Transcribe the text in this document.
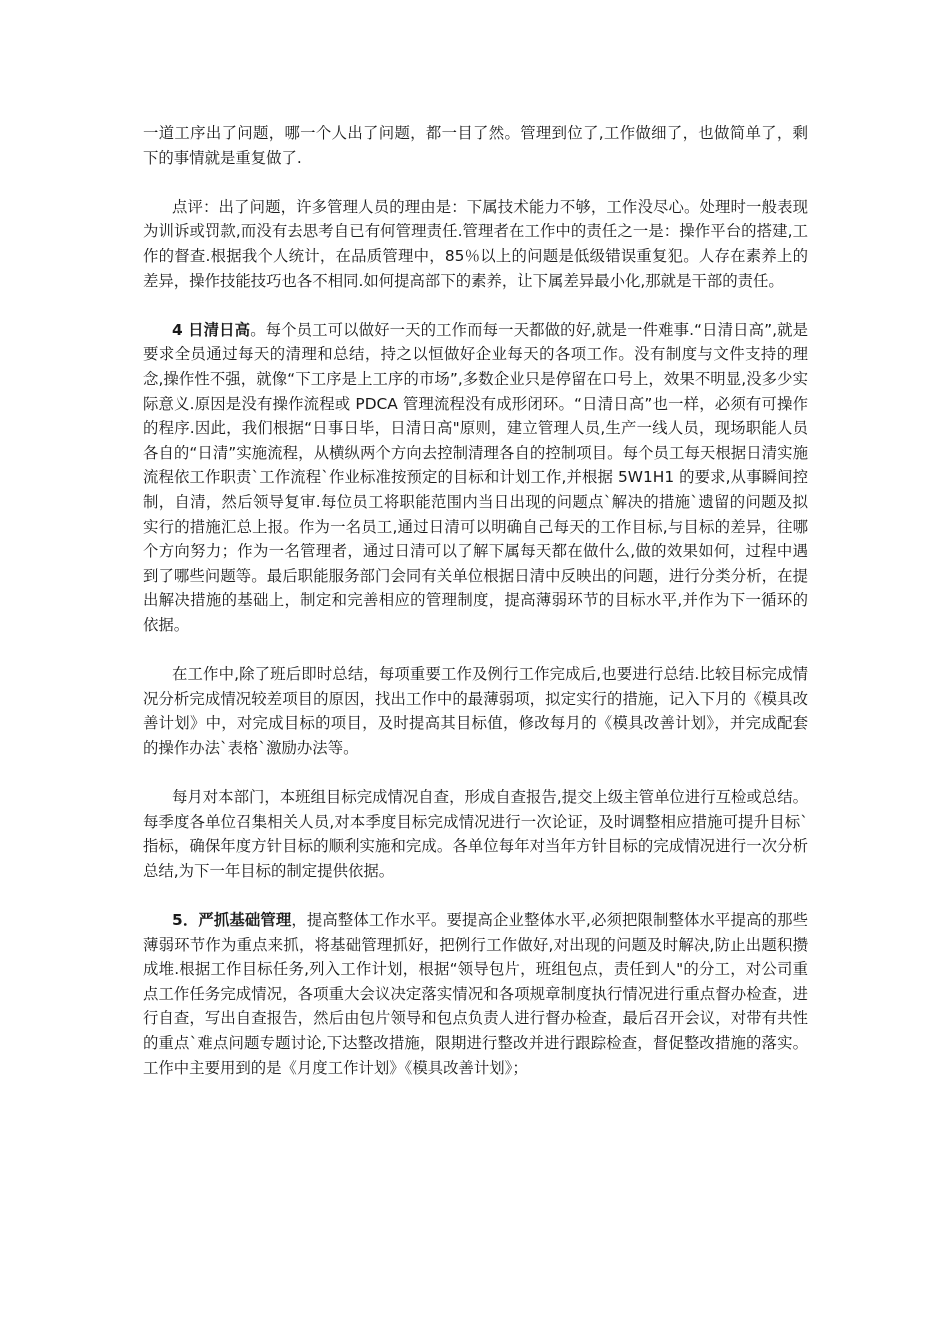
一道工序出了问题，哪一个人出了问题，都一目了然。管理到位了,工作做细了，也做简单了，剩下的事情就是重复做了.

点评：出了问题，许多管理人员的理由是：下属技术能力不够，工作没尽心。处理时一般表现为训诉或罚款,而没有去思考自已有何管理责任.管理者在工作中的责任之一是：操作平台的搭建,工作的督查.根据我个人统计，在品质管理中，85％以上的问题是低级错误重复犯。人存在素养上的差异，操作技能技巧也各不相同.如何提高部下的素养，让下属差异最小化,那就是干部的责任。

4 日清日高。每个员工可以做好一天的工作而每一天都做的好,就是一件难事.“日清日高”,就是要求全员通过每天的清理和总结，持之以恒做好企业每天的各项工作。没有制度与文件支持的理念,操作性不强，就像“下工序是上工序的市场”,多数企业只是停留在口号上，效果不明显,没多少实际意义.原因是没有操作流程或 PDCA 管理流程没有成形闭环。“日清日高”也一样，必须有可操作的程序.因此，我们根据“日事日毕，日清日高"原则，建立管理人员,生产一线人员，现场职能人员各自的“日清”实施流程，从横纵两个方向去控制清理各自的控制项目。每个员工每天根据日清实施流程依工作职责`工作流程`作业标准按预定的目标和计划工作,并根据 5W1H1 的要求,从事瞬间控制，自清，然后领导复审.每位员工将职能范围内当日出现的问题点`解决的措施`遗留的问题及拟实行的措施汇总上报。作为一名员工,通过日清可以明确自己每天的工作目标,与目标的差异，往哪个方向努力；作为一名管理者，通过日清可以了解下属每天都在做什么,做的效果如何，过程中遇到了哪些问题等。最后职能服务部门会同有关单位根据日清中反映出的问题，进行分类分析，在提出解决措施的基础上，制定和完善相应的管理制度，提高薄弱环节的目标水平,并作为下一循环的依据。

在工作中,除了班后即时总结，每项重要工作及例行工作完成后,也要进行总结.比较目标完成情况分析完成情况较差项目的原因，找出工作中的最薄弱项，拟定实行的措施，记入下月的《模具改善计划》中，对完成目标的项目，及时提高其目标值，修改每月的《模具改善计划》，并完成配套的操作办法`表格`激励办法等。

每月对本部门，本班组目标完成情况自查，形成自查报告,提交上级主管单位进行互检或总结。每季度各单位召集相关人员,对本季度目标完成情况进行一次论证，及时调整相应措施可提升目标`指标，确保年度方针目标的顺利实施和完成。各单位每年对当年方针目标的完成情况进行一次分析总结,为下一年目标的制定提供依据。

5．严抓基础管理，提高整体工作水平。要提高企业整体水平,必须把限制整体水平提高的那些薄弱环节作为重点来抓，将基础管理抓好，把例行工作做好,对出现的问题及时解决,防止出题积攒成堆.根据工作目标任务,列入工作计划，根据“领导包片，班组包点，责任到人"的分工，对公司重点工作任务完成情况，各项重大会议决定落实情况和各项规章制度执行情况进行重点督办检查，进行自查，写出自查报告，然后由包片领导和包点负责人进行督办检查，最后召开会议，对带有共性的重点`难点问题专题讨论,下达整改措施，限期进行整改并进行跟踪检查，督促整改措施的落实。工作中主要用到的是《月度工作计划》《模具改善计划》；
